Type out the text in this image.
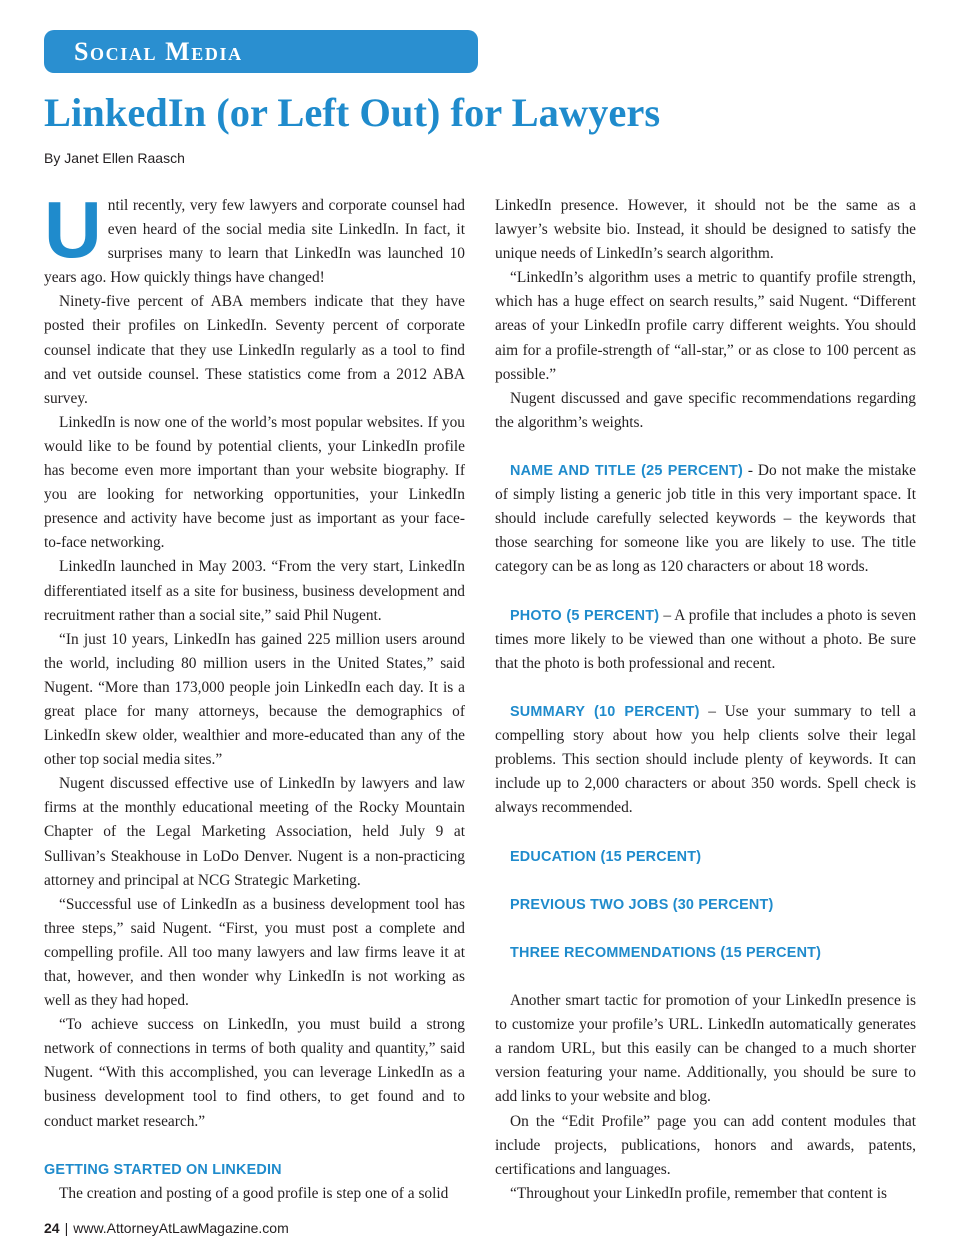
Social Media
LinkedIn (or Left Out) for Lawyers
By Janet Ellen Raasch

Until recently, very few lawyers and corporate counsel had even heard of the social media site LinkedIn. In fact, it surprises many to learn that LinkedIn was launched 10 years ago. How quickly things have changed!

Ninety-five percent of ABA members indicate that they have posted their profiles on LinkedIn. Seventy percent of corporate counsel indicate that they use LinkedIn regularly as a tool to find and vet outside counsel. These statistics come from a 2012 ABA survey.

LinkedIn is now one of the world’s most popular websites. If you would like to be found by potential clients, your LinkedIn profile has become even more important than your website biography. If you are looking for networking opportunities, your LinkedIn presence and activity have become just as important as your face-to-face networking.

LinkedIn launched in May 2003. “From the very start, LinkedIn differentiated itself as a site for business, business development and recruitment rather than a social site,” said Phil Nugent.

“In just 10 years, LinkedIn has gained 225 million users around the world, including 80 million users in the United States,” said Nugent. “More than 173,000 people join LinkedIn each day. It is a great place for many attorneys, because the demographics of LinkedIn skew older, wealthier and more-educated than any of the other top social media sites.”

Nugent discussed effective use of LinkedIn by lawyers and law firms at the monthly educational meeting of the Rocky Mountain Chapter of the Legal Marketing Association, held July 9 at Sullivan’s Steakhouse in LoDo Denver. Nugent is a non-practicing attorney and principal at NCG Strategic Marketing.

“Successful use of LinkedIn as a business development tool has three steps,” said Nugent. “First, you must post a complete and compelling profile. All too many lawyers and law firms leave it at that, however, and then wonder why LinkedIn is not working as well as they had hoped.

“To achieve success on LinkedIn, you must build a strong network of connections in terms of both quality and quantity,” said Nugent. “With this accomplished, you can leverage LinkedIn as a business development tool to find others, to get found and to conduct market research.”

GETTING STARTED ON LINKEDIN

The creation and posting of a good profile is step one of a solid

LinkedIn presence. However, it should not be the same as a lawyer’s website bio. Instead, it should be designed to satisfy the unique needs of LinkedIn’s search algorithm.

“LinkedIn’s algorithm uses a metric to quantify profile strength, which has a huge effect on search results,” said Nugent. “Different areas of your LinkedIn profile carry different weights. You should aim for a profile-strength of “all-star,” or as close to 100 percent as possible.”

Nugent discussed and gave specific recommendations regarding the algorithm’s weights.

NAME AND TITLE (25 PERCENT) - Do not make the mistake of simply listing a generic job title in this very important space. It should include carefully selected keywords – the keywords that those searching for someone like you are likely to use. The title category can be as long as 120 characters or about 18 words.

PHOTO (5 PERCENT) – A profile that includes a photo is seven times more likely to be viewed than one without a photo. Be sure that the photo is both professional and recent.

SUMMARY (10 PERCENT) – Use your summary to tell a compelling story about how you help clients solve their legal problems. This section should include plenty of keywords. It can include up to 2,000 characters or about 350 words. Spell check is always recommended.

EDUCATION (15 PERCENT)

PREVIOUS TWO JOBS (30 PERCENT)

THREE RECOMMENDATIONS (15 PERCENT)

Another smart tactic for promotion of your LinkedIn presence is to customize your profile’s URL. LinkedIn automatically generates a random URL, but this easily can be changed to a much shorter version featuring your name. Additionally, you should be sure to add links to your website and blog.

On the “Edit Profile” page you can add content modules that include projects, publications, honors and awards, patents, certifications and languages.

“Throughout your LinkedIn profile, remember that content is

24 | www.AttorneyAtLawMagazine.com
